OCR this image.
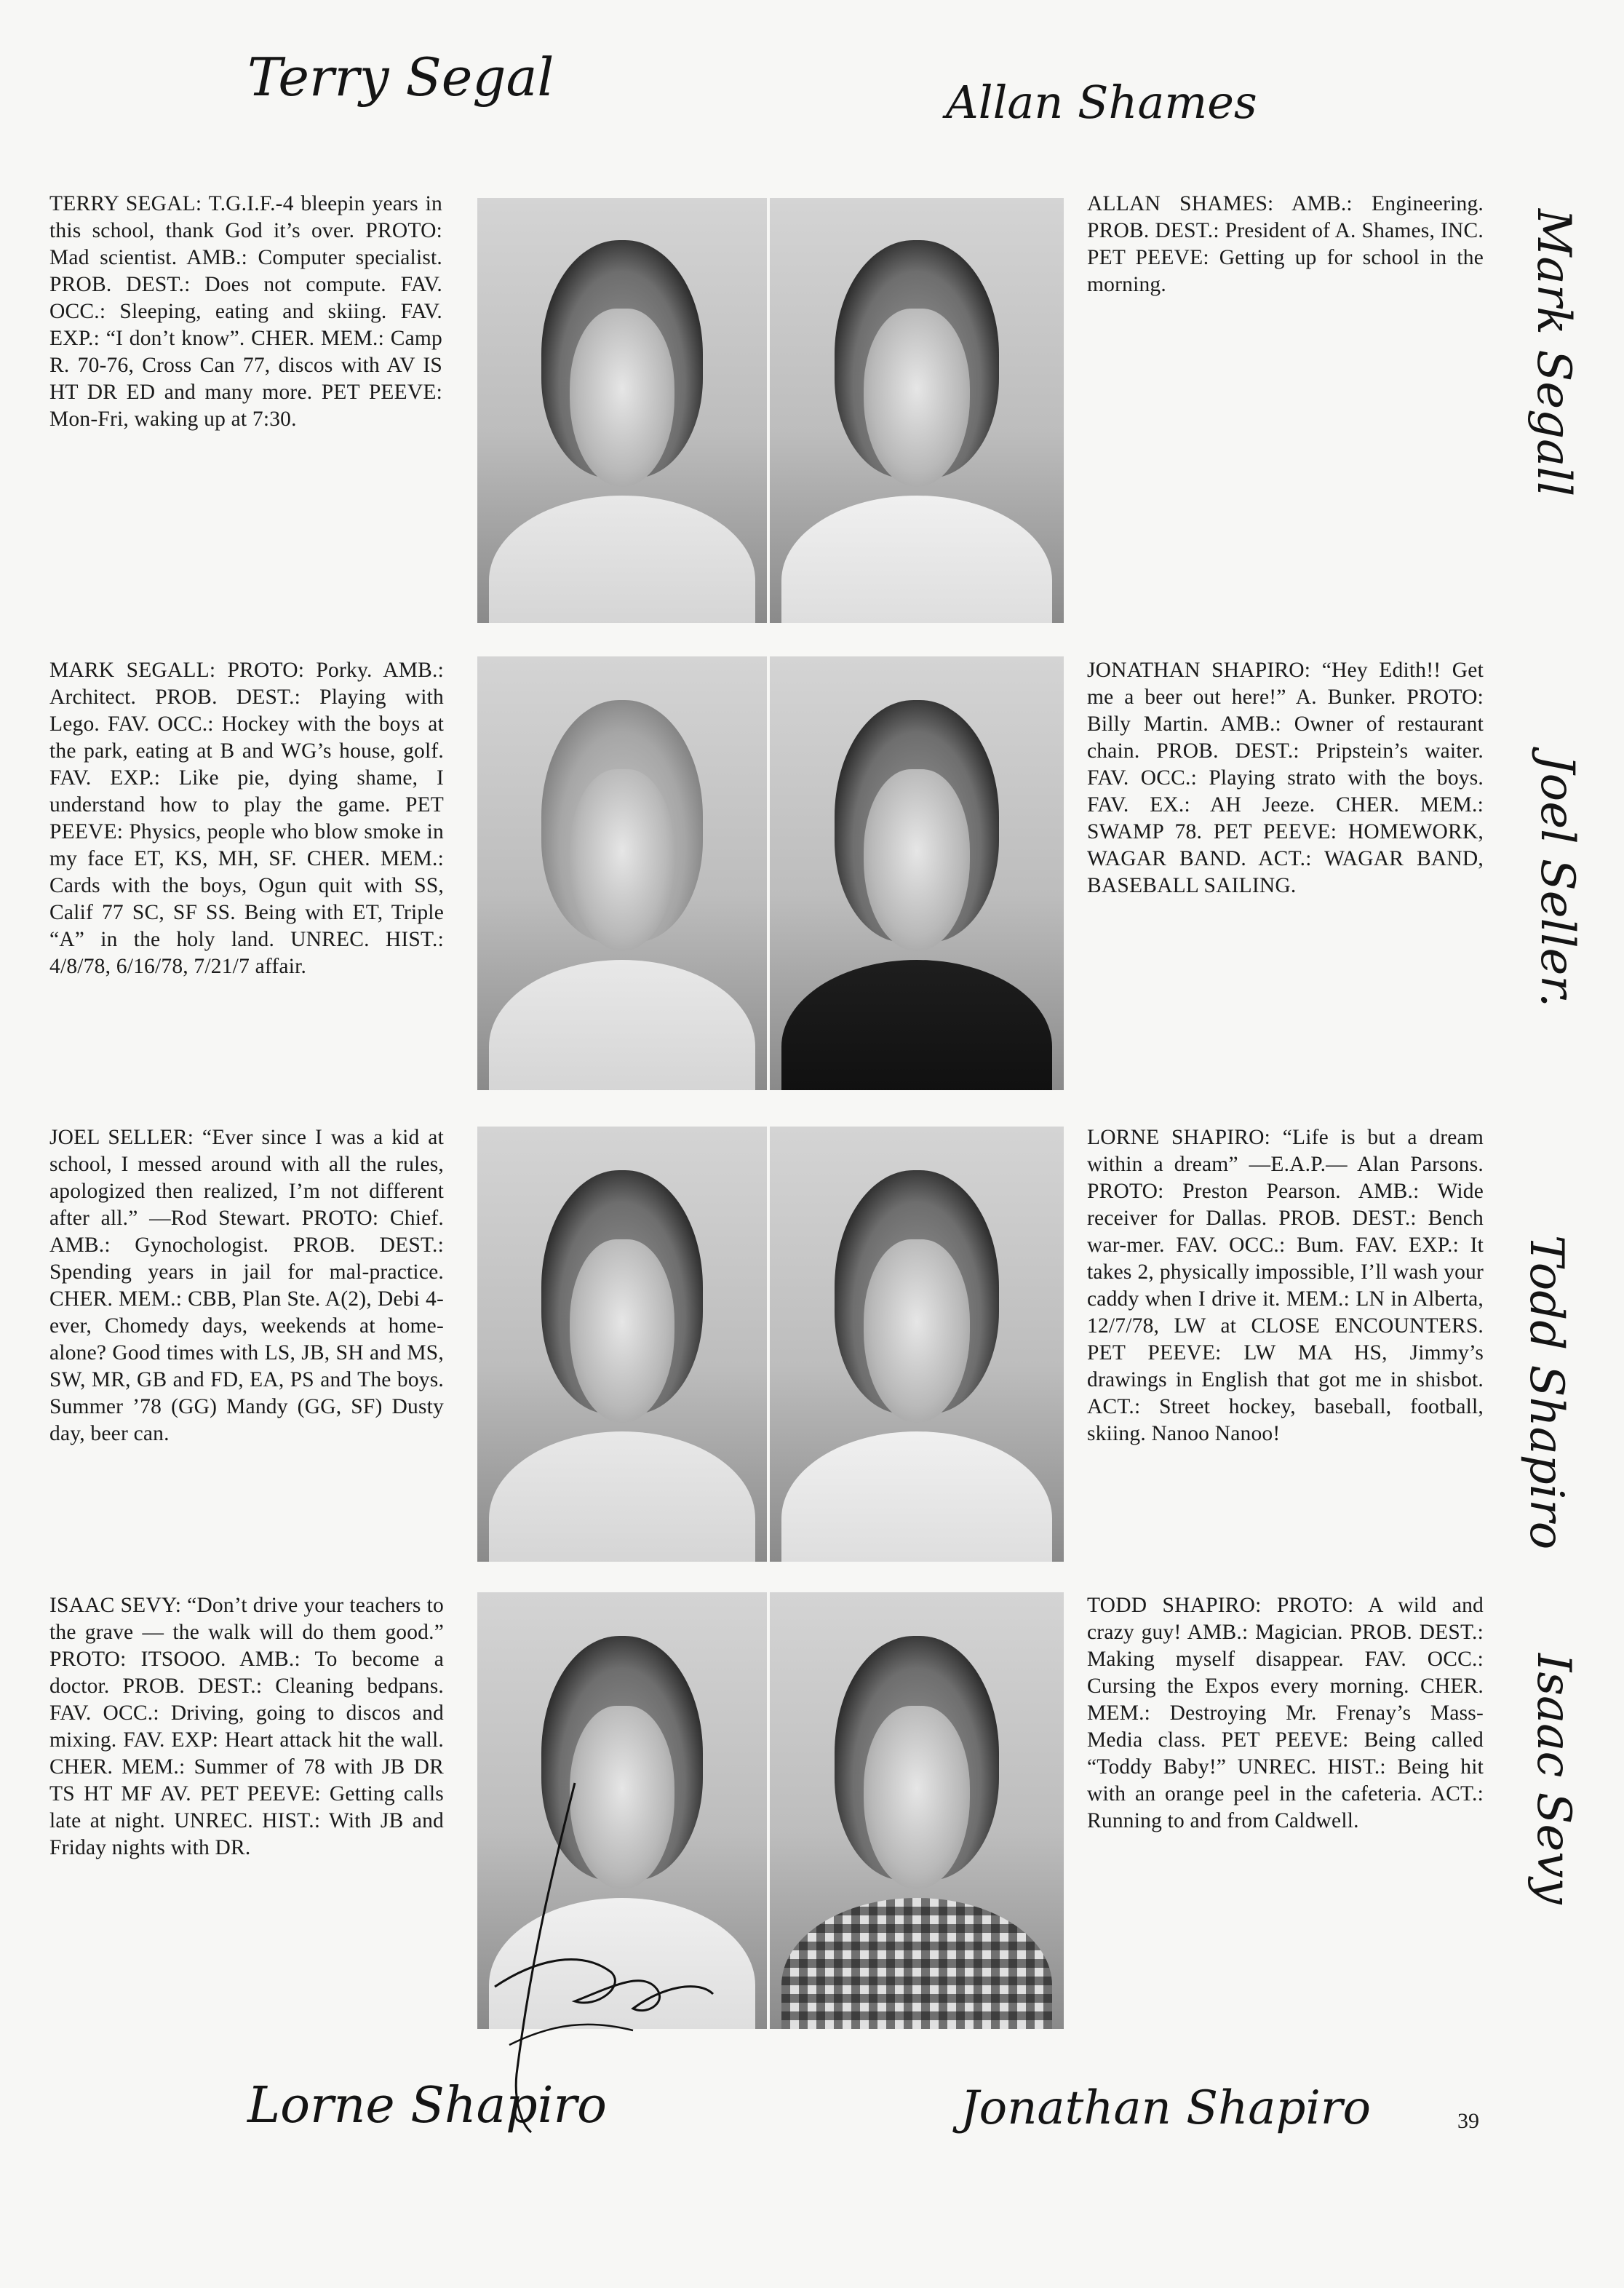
Terry Segal	Allan Shames
Mark Segall
Joel Seller.
Todd Shapiro
Isaac Sevy
Lorne Shapiro	Jonathan Shapiro
TERRY SEGAL: T.G.I.F.-4 bleepin years in this school, thank God it’s over. PROTO: Mad scientist. AMB.: Computer specialist. PROB. DEST.: Does not compute. FAV. OCC.: Sleeping, eating and skiing. FAV. EXP.: “I don’t know”. CHER. MEM.: Camp R. 70-76, Cross Can 77, discos with AV IS HT DR ED and many more. PET PEEVE: Mon-Fri, waking up at 7:30.
ALLAN SHAMES: AMB.: Engineering. PROB. DEST.: President of A. Shames, INC. PET PEEVE: Getting up for school in the morning.
MARK SEGALL: PROTO: Porky. AMB.: Architect. PROB. DEST.: Playing with Lego. FAV. OCC.: Hockey with the boys at the park, eating at B and WG’s house, golf. FAV. EXP.: Like pie, dying shame, I understand how to play the game. PET PEEVE: Physics, people who blow smoke in my face ET, KS, MH, SF. CHER. MEM.: Cards with the boys, Ogun quit with SS, Calif 77 SC, SF SS. Being with ET, Triple “A” in the holy land. UNREC. HIST.: 4/8/78, 6/16/78, 7/21/7 affair.
JONATHAN SHAPIRO: “Hey Edith!! Get me a beer out here!” A. Bunker. PROTO: Billy Martin. AMB.: Owner of restaurant chain. PROB. DEST.: Pripstein’s waiter. FAV. OCC.: Playing strato with the boys. FAV. EX.: AH Jeeze. CHER. MEM.: SWAMP 78. PET PEEVE: HOMEWORK, WAGAR BAND. ACT.: WAGAR BAND, BASEBALL SAILING.
JOEL SELLER: “Ever since I was a kid at school, I messed around with all the rules, apologized then realized, I’m not different after all.” —Rod Stewart. PROTO: Chief. AMB.: Gynochologist. PROB. DEST.: Spending years in jail for mal-practice. CHER. MEM.: CBB, Plan Ste. A(2), Debi 4-ever, Chomedy days, weekends at home-alone? Good times with LS, JB, SH and MS, SW, MR, GB and FD, EA, PS and The boys. Summer ’78 (GG) Mandy (GG, SF) Dusty day, beer can.
LORNE SHAPIRO: “Life is but a dream within a dream” —E.A.P.— Alan Parsons. PROTO: Preston Pearson. AMB.: Wide receiver for Dallas. PROB. DEST.: Bench war-mer. FAV. OCC.: Bum. FAV. EXP.: It takes 2, physically impossible, I’ll wash your caddy when I drive it. MEM.: LN in Alberta, 12/7/78, LW at CLOSE ENCOUNTERS. PET PEEVE: LW MA HS, Jimmy’s drawings in English that got me in shisbot. ACT.: Street hockey, baseball, football, skiing. Nanoo Nanoo!
ISAAC SEVY: “Don’t drive your teachers to the grave — the walk will do them good.” PROTO: ITSOOO. AMB.: To become a doctor. PROB. DEST.: Cleaning bedpans. FAV. OCC.: Driving, going to discos and mixing. FAV. EXP: Heart attack hit the wall. CHER. MEM.: Summer of 78 with JB DR TS HT MF AV. PET PEEVE: Getting calls late at night. UNREC. HIST.: With JB and Friday nights with DR.
TODD SHAPIRO: PROTO: A wild and crazy guy! AMB.: Magician. PROB. DEST.: Making myself disappear. FAV. OCC.: Cursing the Expos every morning. CHER. MEM.: Destroying Mr. Frenay’s Mass-Media class. PET PEEVE: Being called “Toddy Baby!” UNREC. HIST.: Being hit with an orange peel in the cafeteria. ACT.: Running to and from Caldwell.
39
